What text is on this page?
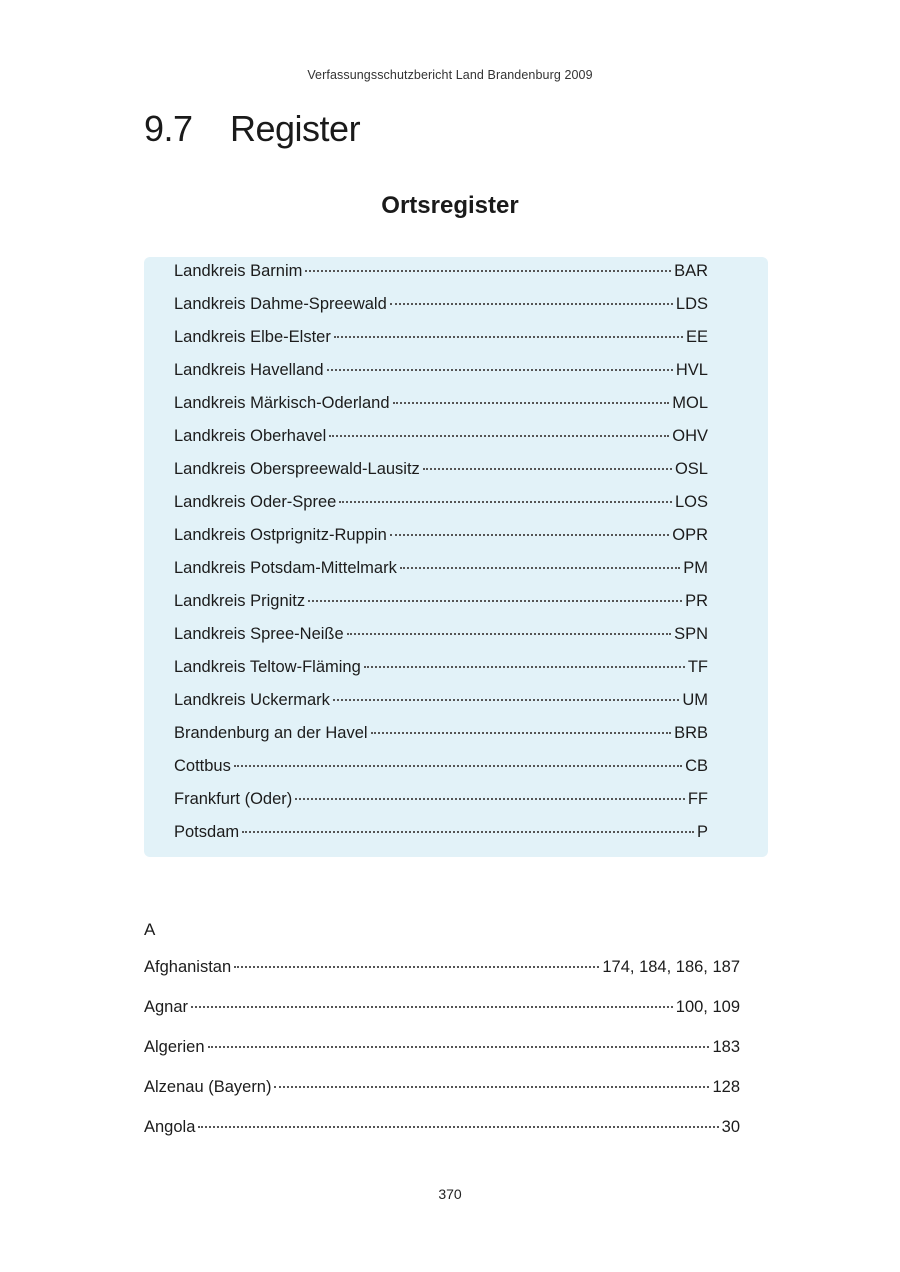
Verfassungsschutzbericht Land Brandenburg 2009
9.7 Register
Ortsregister
Landkreis Barnim	BAR
Landkreis Dahme-Spreewald	LDS
Landkreis Elbe-Elster	EE
Landkreis Havelland	HVL
Landkreis Märkisch-Oderland	MOL
Landkreis Oberhavel	OHV
Landkreis Oberspreewald-Lausitz	OSL
Landkreis Oder-Spree	LOS
Landkreis Ostprignitz-Ruppin	OPR
Landkreis Potsdam-Mittelmark	PM
Landkreis Prignitz	PR
Landkreis Spree-Neiße	SPN
Landkreis Teltow-Fläming	TF
Landkreis Uckermark	UM
Brandenburg an der Havel	BRB
Cottbus	CB
Frankfurt (Oder)	FF
Potsdam	P
A
Afghanistan	174, 184, 186, 187
Agnar	100, 109
Algerien	183
Alzenau (Bayern)	128
Angola	30
370
